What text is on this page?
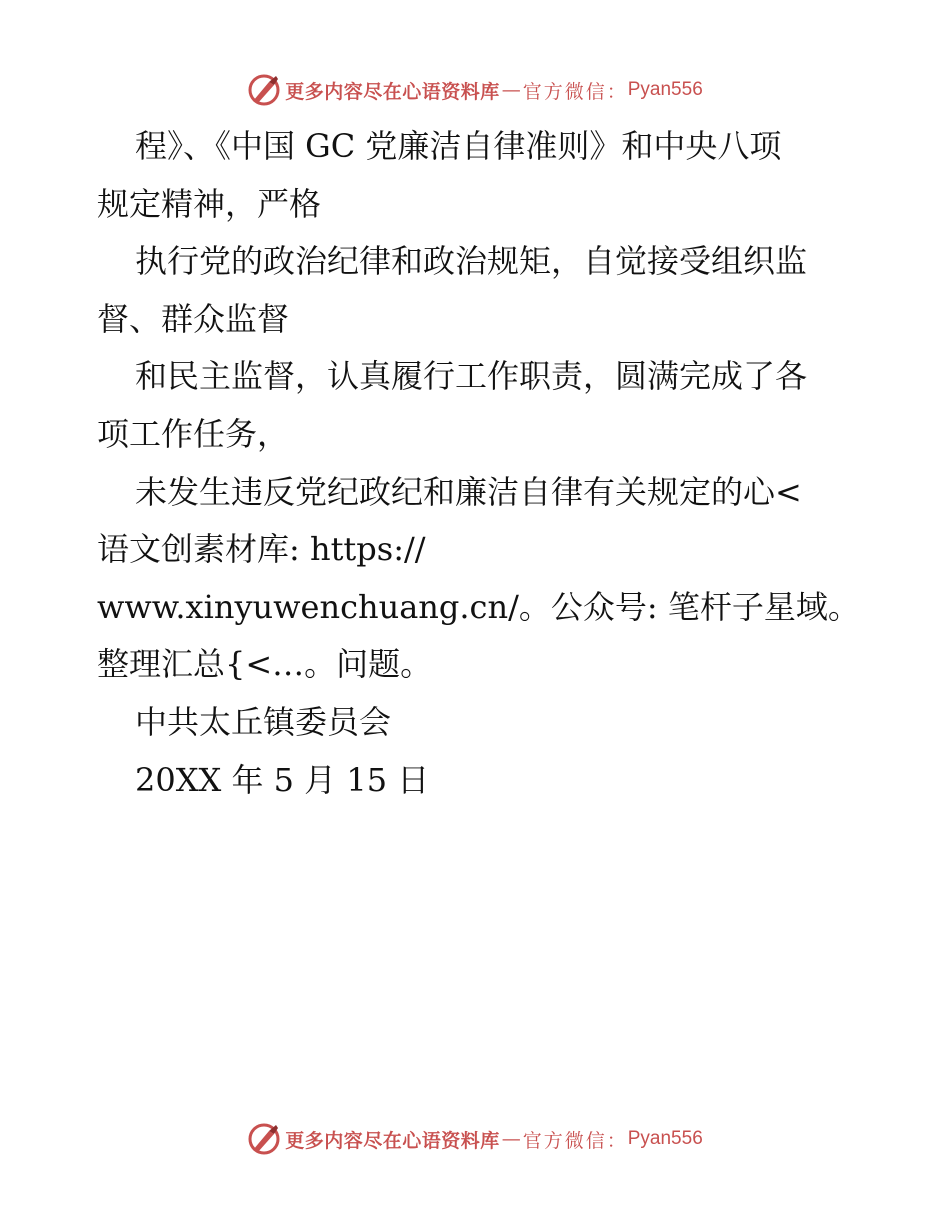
更多内容尽在心语资料库 — 官方微信： Pyan556
程》、《中国 GC 党廉洁自律准则》和中央八项
规定精神，严格
执行党的政治纪律和政治规矩，自觉接受组织监
督、群众监督
和民主监督，认真履行工作职责，圆满完成了各
项工作任务，
未发生违反党纪政纪和廉洁自律有关规定的心<
语文创素材库: https://
www.xinyuwenchuang.cn/。公众号: 笔杆子星域。
整理汇总{<…。问题。
中共太丘镇委员会
20XX 年 5 月 15 日
更多内容尽在心语资料库 — 官方微信： Pyan556
